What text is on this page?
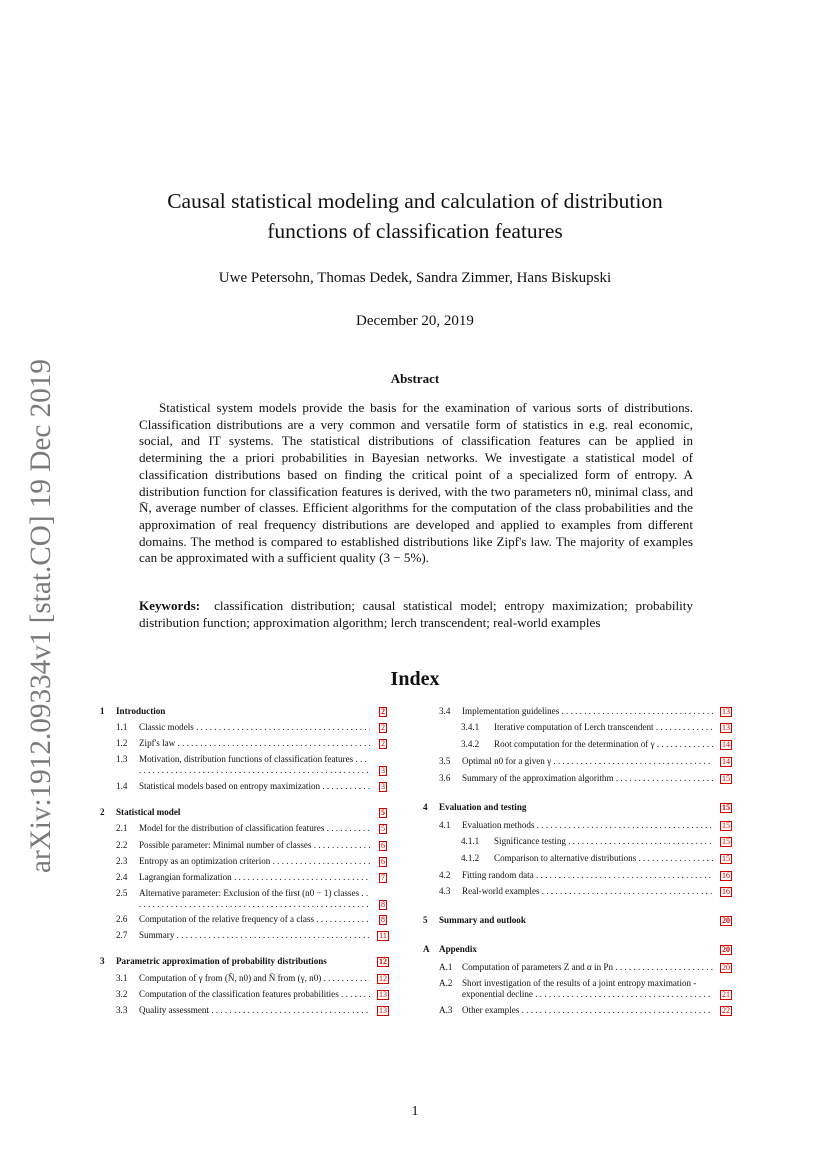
arXiv:1912.09334v1 [stat.CO] 19 Dec 2019
Causal statistical modeling and calculation of distribution
functions of classification features
Uwe Petersohn, Thomas Dedek, Sandra Zimmer, Hans Biskupski
December 20, 2019
Abstract
Statistical system models provide the basis for the examination of various sorts of distributions. Classification distributions are a very common and versatile form of statistics in e.g. real economic, social, and IT systems. The statistical distributions of classification features can be applied in determining the a priori probabilities in Bayesian networks. We investigate a statistical model of classification distributions based on finding the critical point of a specialized form of entropy. A distribution function for classification features is derived, with the two parameters n0, minimal class, and N̄, average number of classes. Efficient algorithms for the computation of the class probabilities and the approximation of real frequency distributions are developed and applied to examples from different domains. The method is compared to established distributions like Zipf's law. The majority of examples can be approximated with a sufficient quality (3 − 5%).
Keywords: classification distribution; causal statistical model; entropy maximization; probability distribution function; approximation algorithm; lerch transcendent; real-world examples
Index
1	Introduction	2
1.1	Classic models . . .	2
1.2	Zipf's law . . .	2
1.3	Motivation, distribution functions of classification features . . .
3
1.4	Statistical models based on entropy maximization . . .	3
2	Statistical model	5
2.1	Model for the distribution of classification features . . .	5
2.2	Possible parameter: Minimal number of classes . . .	6
2.3	Entropy as an optimization criterion . . .	6
2.4	Lagrangian formalization . . .	7
2.5	Alternative parameter: Exclusion of the first (n0 − 1) classes . . .
8
2.6	Computation of the relative frequency of a class . . .	8
2.7	Summary . . .	11
3	Parametric approximation of probability distributions	12
3.1	Computation of γ from (N̄, n0) and N̄ from (γ, n0) . . .	12
3.2	Computation of the classification features probabilities . . .	13
3.3	Quality assessment . . .	13
3.4	Implementation guidelines . . .	13
3.4.1	Iterative computation of Lerch transcendent . . .	13
3.4.2	Root computation for the determination of γ . . .	14
3.5	Optimal n0 for a given γ . . .	14
3.6	Summary of the approximation algorithm . . .	15
4	Evaluation and testing	15
4.1	Evaluation methods . . .	15
4.1.1	Significance testing . . .	15
4.1.2	Comparison to alternative distributions . . .	15
4.2	Fitting random data . . .	16
4.3	Real-world examples . . .	16
5	Summary and outlook	20
A	Appendix	20
A.1	Computation of parameters Z and α in Pn . . .	20
A.2	Short investigation of the results of a joint entropy maximation - exponential decline . . .	21
A.3	Other examples . . .	22
1
